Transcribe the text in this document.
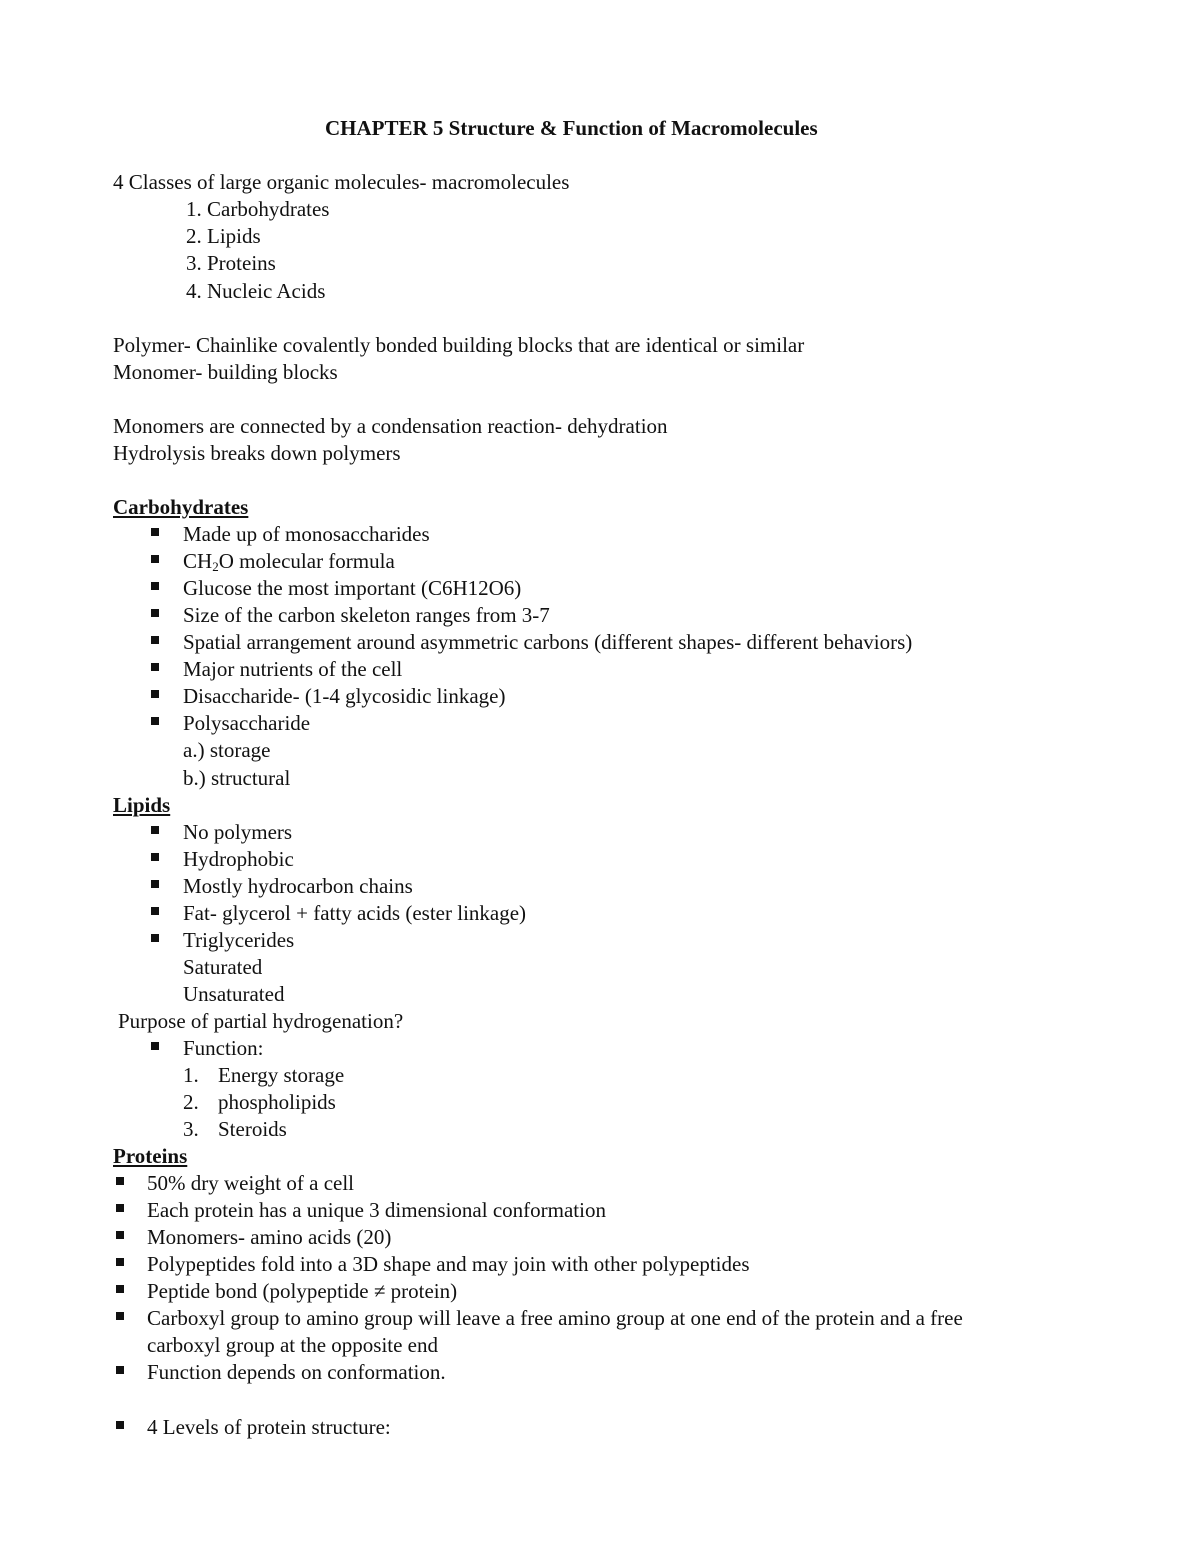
CHAPTER 5 Structure & Function of Macromolecules
4 Classes of large organic molecules- macromolecules
1. Carbohydrates
2. Lipids
3. Proteins
4. Nucleic Acids
Polymer- Chainlike covalently bonded building blocks that are identical or similar
Monomer- building blocks
Monomers are connected by a condensation reaction- dehydration
Hydrolysis breaks down polymers
Carbohydrates
Made up of monosaccharides
$CH_2O$ molecular formula
Glucose the most important (C6H12O6)
Size of the carbon skeleton ranges from 3-7
Spatial arrangement around asymmetric carbons (different shapes- different behaviors)
Major nutrients of the cell
Disaccharide- (1-4 glycosidic linkage)
Polysaccharide
a.) storage
b.) structural
Lipids
No polymers
Hydrophobic
Mostly hydrocarbon chains
Fat- glycerol + fatty acids (ester linkage)
Triglycerides
Saturated
Unsaturated
Purpose of partial hydrogenation?
Function:
1. Energy storage
2. phospholipids
3. Steroids
Proteins
50% dry weight of a cell
Each protein has a unique 3 dimensional conformation
Monomers- amino acids (20)
Polypeptides fold into a 3D shape and may join with other polypeptides
Peptide bond (polypeptide ≠ protein)
Carboxyl group to amino group will leave a free amino group at one end of the protein and a free
carboxyl group at the opposite end
Function depends on conformation.
4 Levels of protein structure:
